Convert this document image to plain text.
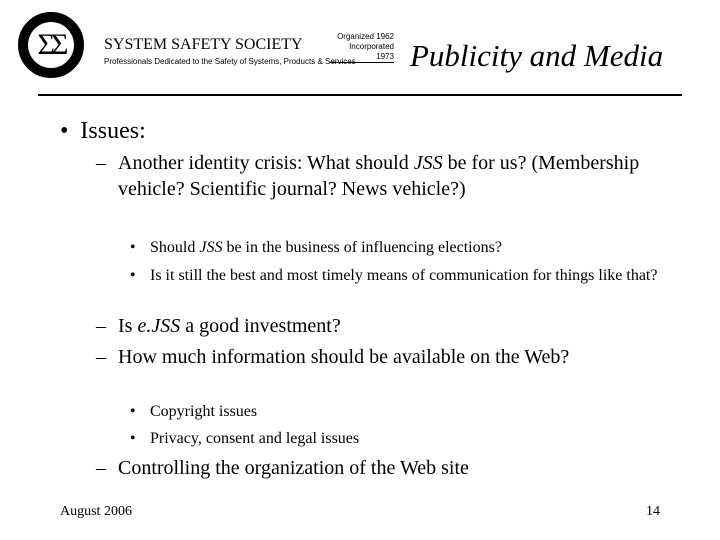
ΣΣ	SYSTEM SAFETY SOCIETY
Professionals Dedicated to the Safety of Systems, Products & Services
Organized 1962
Incorporated 1973 Publicity and Media
•  Issues:
– Another identity crisis: What should JSS be for us? (Membership vehicle? Scientific journal? News vehicle?)
• Should JSS be in the business of influencing elections?
• Is it still the best and most timely means of communication for things like that?
– Is e.JSS a good investment?
– How much information should be available on the Web?
• Copyright issues
• Privacy, consent and legal issues
– Controlling the organization of the Web site
August 2006	14
